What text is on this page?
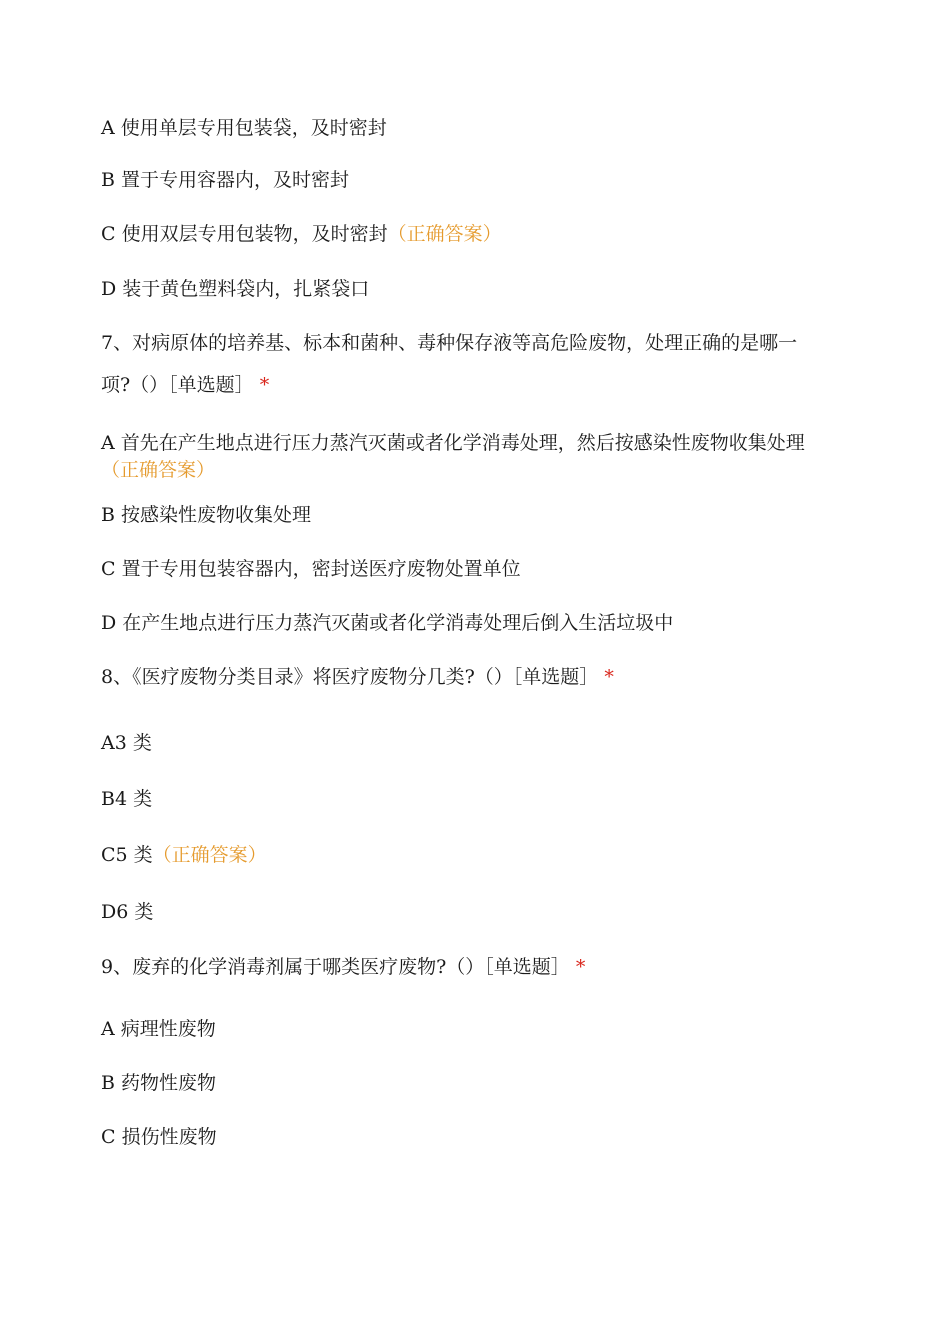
A 使用单层专用包装袋，及时密封
B 置于专用容器内，及时密封
C 使用双层专用包装物，及时密封（正确答案）
D 装于黄色塑料袋内，扎紧袋口
7、对病原体的培养基、标本和菌种、毒种保存液等高危险废物，处理正确的是哪一
项?（）［单选题］ *
A 首先在产生地点进行压力蒸汽灭菌或者化学消毒处理，然后按感染性废物收集处理（正确答案）
B 按感染性废物收集处理
C 置于专用包装容器内，密封送医疗废物处置单位
D 在产生地点进行压力蒸汽灭菌或者化学消毒处理后倒入生活垃圾中
8、《医疗废物分类目录》将医疗废物分几类?（）［单选题］ *
A3 类
B4 类
C5 类（正确答案）
D6 类
9、废弃的化学消毒剂属于哪类医疗废物?（）［单选题］ *
A 病理性废物
B 药物性废物
C 损伤性废物
